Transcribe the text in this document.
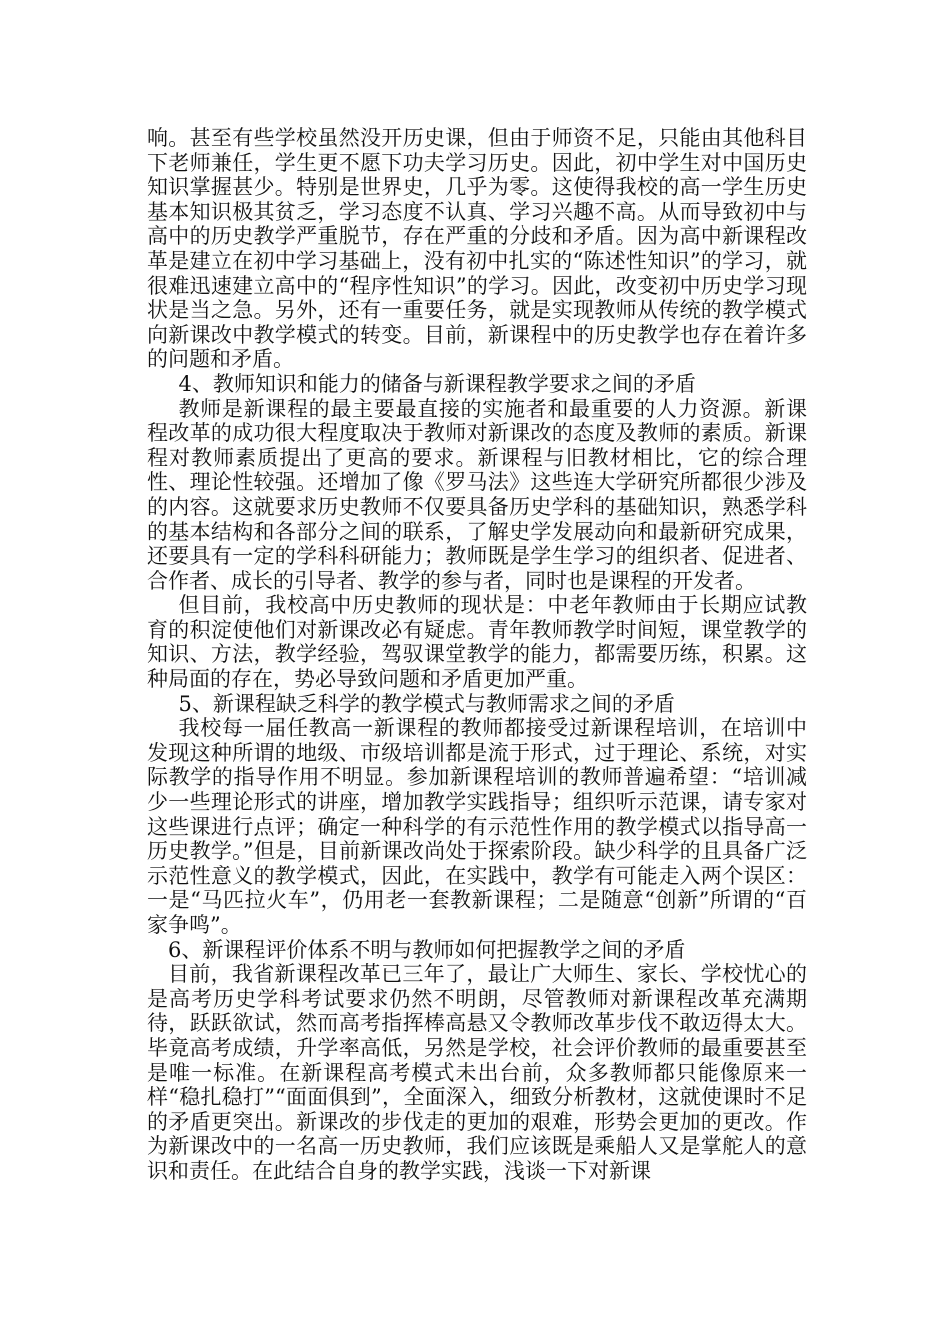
响。甚至有些学校虽然没开历史课，但由于师资不足，只能由其他科目下老师兼任，学生更不愿下功夫学习历史。因此，初中学生对中国历史知识掌握甚少。特别是世界史，几乎为零。这使得我校的高一学生历史基本知识极其贫乏，学习态度不认真、学习兴趣不高。从而导致初中与高中的历史教学严重脱节，存在严重的分歧和矛盾。因为高中新课程改革是建立在初中学习基础上，没有初中扎实的“陈述性知识”的学习，就很难迅速建立高中的“程序性知识”的学习。因此，改变初中历史学习现状是当之急。另外，还有一重要任务，就是实现教师从传统的教学模式向新课改中教学模式的转变。目前，新课程中的历史教学也存在着许多的问题和矛盾。

4、教师知识和能力的储备与新课程教学要求之间的矛盾

教师是新课程的最主要最直接的实施者和最重要的人力资源。新课程改革的成功很大程度取决于教师对新课改的态度及教师的素质。新课程对教师素质提出了更高的要求。新课程与旧教材相比，它的综合理性、理论性较强。还增加了像《罗马法》这些连大学研究所都很少涉及的内容。这就要求历史教师不仅要具备历史学科的基础知识，熟悉学科的基本结构和各部分之间的联系，了解史学发展动向和最新研究成果，还要具有一定的学科科研能力；教师既是学生学习的组织者、促进者、合作者、成长的引导者、教学的参与者，同时也是课程的开发者。

但目前，我校高中历史教师的现状是：中老年教师由于长期应试教育的积淀使他们对新课改必有疑虑。青年教师教学时间短，课堂教学的知识、方法，教学经验，驾驭课堂教学的能力，都需要历练，积累。这种局面的存在，势必导致问题和矛盾更加严重。

5、新课程缺乏科学的教学模式与教师需求之间的矛盾

我校每一届任教高一新课程的教师都接受过新课程培训，在培训中发现这种所谓的地级、市级培训都是流于形式，过于理论、系统，对实际教学的指导作用不明显。参加新课程培训的教师普遍希望：“培训减少一些理论形式的讲座，增加教学实践指导；组织听示范课，请专家对这些课进行点评；确定一种科学的有示范性作用的教学模式以指导高一历史教学。”但是，目前新课改尚处于探索阶段。缺少科学的且具备广泛示范性意义的教学模式，因此，在实践中，教学有可能走入两个误区：一是“马匹拉火车”，仍用老一套教新课程；二是随意“创新”所谓的“百家争鸣”。

6、新课程评价体系不明与教师如何把握教学之间的矛盾

目前，我省新课程改革已三年了，最让广大师生、家长、学校忧心的是高考历史学科考试要求仍然不明朗，尽管教师对新课程改革充满期待，跃跃欲试，然而高考指挥棒高悬又令教师改革步伐不敢迈得太大。毕竟高考成绩，升学率高低，另然是学校，社会评价教师的最重要甚至是唯一标准。在新课程高考模式未出台前，众多教师都只能像原来一样“稳扎稳打”“面面俱到”，全面深入，细致分析教材，这就使课时不足的矛盾更突出。新课改的步伐走的更加的艰难，形势会更加的更改。作为新课改中的一名高一历史教师，我们应该既是乘船人又是掌舵人的意识和责任。在此结合自身的教学实践，浅谈一下对新课
